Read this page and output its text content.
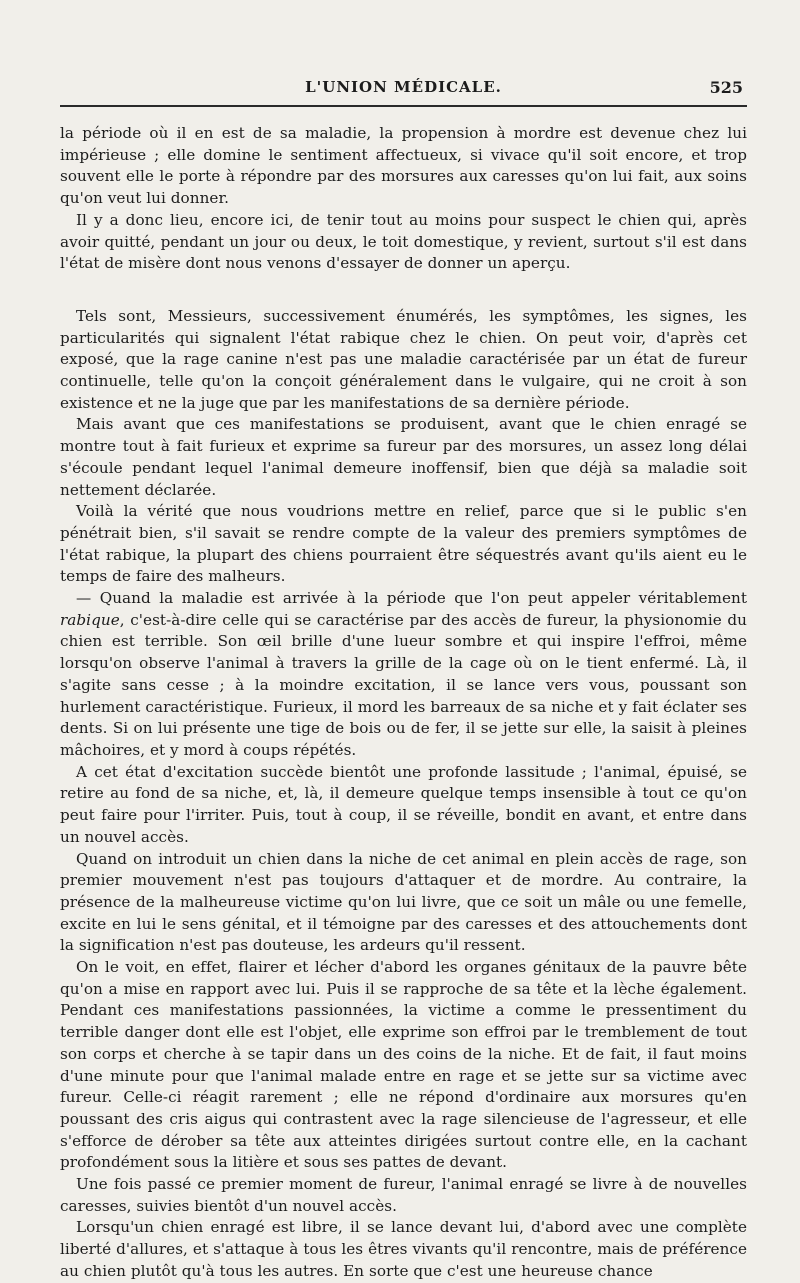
L'UNION MÉDICALE.	525

la période où il en est de sa maladie, la propension à mordre est devenue chez lui impérieuse ; elle domine le sentiment affectueux, si vivace qu'il soit encore, et trop souvent elle le porte à répondre par des morsures aux caresses qu'on lui fait, aux soins qu'on veut lui donner.

Il y a donc lieu, encore ici, de tenir tout au moins pour suspect le chien qui, après avoir quitté, pendant un jour ou deux, le toit domestique, y revient, surtout s'il est dans l'état de misère dont nous venons d'essayer de donner un aperçu.

Tels sont, Messieurs, successivement énumérés, les symptômes, les signes, les particularités qui signalent l'état rabique chez le chien. On peut voir, d'après cet exposé, que la rage canine n'est pas une maladie caractérisée par un état de fureur continuelle, telle qu'on la conçoit généralement dans le vulgaire, qui ne croit à son existence et ne la juge que par les manifestations de sa dernière période.

Mais avant que ces manifestations se produisent, avant que le chien enragé se montre tout à fait furieux et exprime sa fureur par des morsures, un assez long délai s'écoule pendant lequel l'animal demeure inoffensif, bien que déjà sa maladie soit nettement déclarée.

Voilà la vérité que nous voudrions mettre en relief, parce que si le public s'en pénétrait bien, s'il savait se rendre compte de la valeur des premiers symptômes de l'état rabique, la plupart des chiens pourraient être séquestrés avant qu'ils aient eu le temps de faire des malheurs.

— Quand la maladie est arrivée à la période que l'on peut appeler véritablement rabique, c'est-à-dire celle qui se caractérise par des accès de fureur, la physionomie du chien est terrible. Son œil brille d'une lueur sombre et qui inspire l'effroi, même lorsqu'on observe l'animal à travers la grille de la cage où on le tient enfermé. Là, il s'agite sans cesse ; à la moindre excitation, il se lance vers vous, poussant son hurlement caractéristique. Furieux, il mord les barreaux de sa niche et y fait éclater ses dents. Si on lui présente une tige de bois ou de fer, il se jette sur elle, la saisit à pleines mâchoires, et y mord à coups répétés.

A cet état d'excitation succède bientôt une profonde lassitude ; l'animal, épuisé, se retire au fond de sa niche, et, là, il demeure quelque temps insensible à tout ce qu'on peut faire pour l'irriter. Puis, tout à coup, il se réveille, bondit en avant, et entre dans un nouvel accès.

Quand on introduit un chien dans la niche de cet animal en plein accès de rage, son premier mouvement n'est pas toujours d'attaquer et de mordre. Au contraire, la présence de la malheureuse victime qu'on lui livre, que ce soit un mâle ou une femelle, excite en lui le sens génital, et il témoigne par des caresses et des attouchements dont la signification n'est pas douteuse, les ardeurs qu'il ressent.

On le voit, en effet, flairer et lécher d'abord les organes génitaux de la pauvre bête qu'on a mise en rapport avec lui. Puis il se rapproche de sa tête et la lèche également. Pendant ces manifestations passionnées, la victime a comme le pressentiment du terrible danger dont elle est l'objet, elle exprime son effroi par le tremblement de tout son corps et cherche à se tapir dans un des coins de la niche. Et de fait, il faut moins d'une minute pour que l'animal malade entre en rage et se jette sur sa victime avec fureur. Celle-ci réagit rarement ; elle ne répond d'ordinaire aux morsures qu'en poussant des cris aigus qui contrastent avec la rage silencieuse de l'agresseur, et elle s'efforce de dérober sa tête aux atteintes dirigées surtout contre elle, en la cachant profondément sous la litière et sous ses pattes de devant.

Une fois passé ce premier moment de fureur, l'animal enragé se livre à de nouvelles caresses, suivies bientôt d'un nouvel accès.

Lorsqu'un chien enragé est libre, il se lance devant lui, d'abord avec une complète liberté d'allures, et s'attaque à tous les êtres vivants qu'il rencontre, mais de préférence au chien plutôt qu'à tous les autres. En sorte que c'est une heureuse chance
